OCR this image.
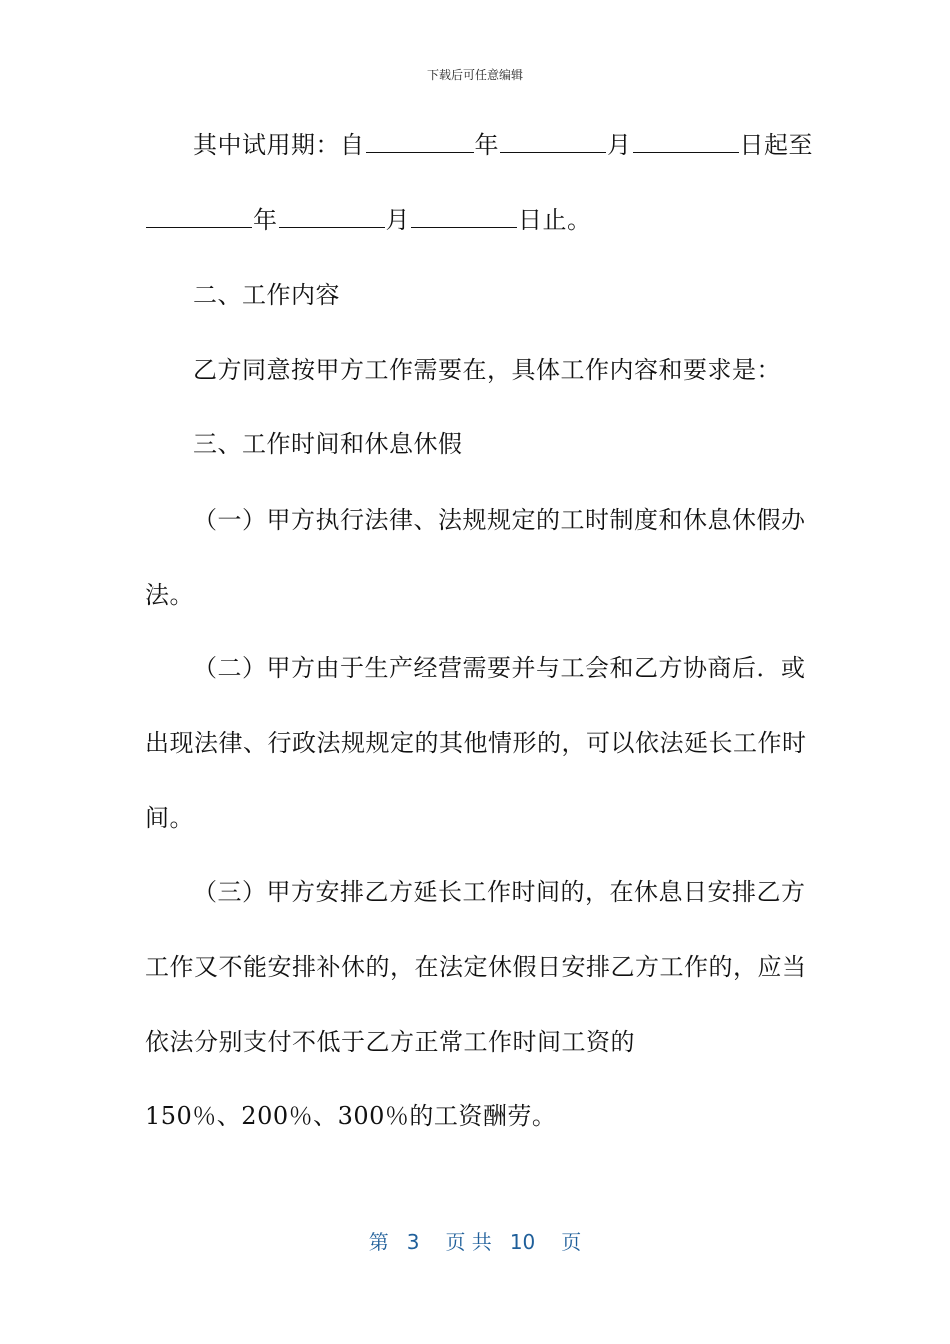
下载后可任意编辑
其中试用期：自	年	月	日起至
年	月	日止。
二、工作内容
乙方同意按甲方工作需要在，具体工作内容和要求是：
三、工作时间和休息休假
（一）甲方执行法律、法规规定的工时制度和休息休假办
法。
（二）甲方由于生产经营需要并与工会和乙方协商后．或
出现法律、行政法规规定的其他情形的，可以依法延长工作时
间。
（三）甲方安排乙方延长工作时间的，在休息日安排乙方
工作又不能安排补休的，在法定休假日安排乙方工作的，应当
依法分别支付不低于乙方正常工作时间工资的
150％、200％、300％的工资酬劳。
第 3 页 共 10 页
